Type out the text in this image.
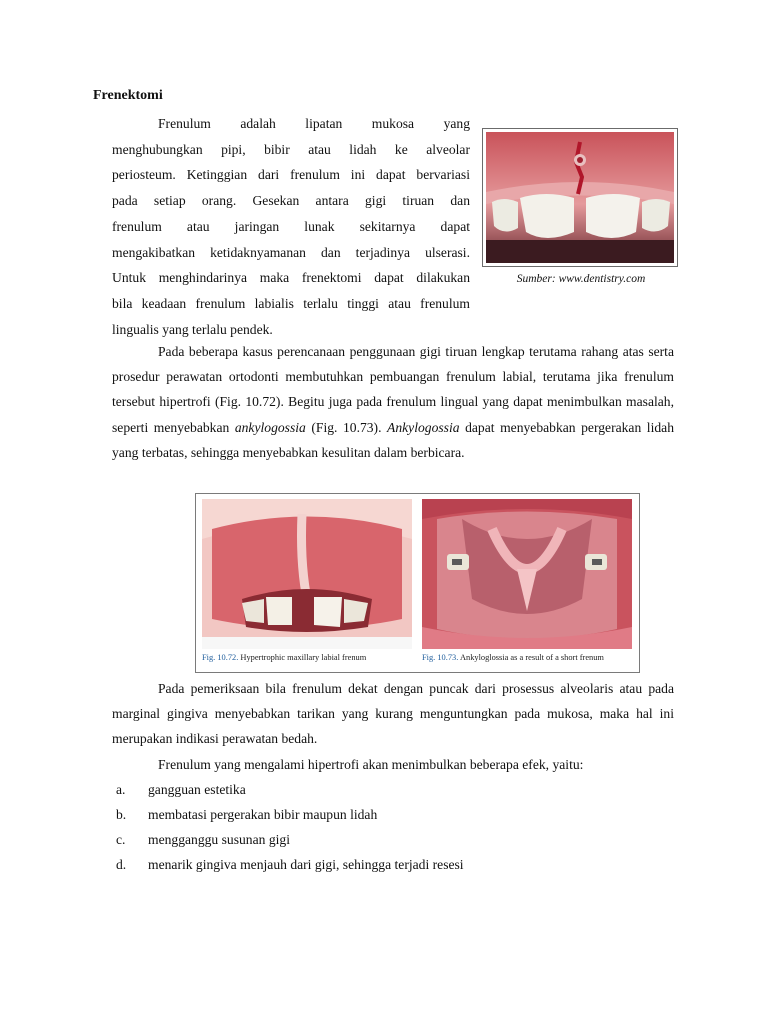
Frenektomi
Frenulum adalah lipatan mukosa yang
menghubungkan pipi, bibir atau lidah ke alveolar
periosteum. Ketinggian dari frenulum ini dapat bervariasi
pada setiap orang. Gesekan antara gigi tiruan dan
frenulum atau jaringan lunak sekitarnya dapat
mengakibatkan ketidaknyamanan dan terjadinya ulserasi.
Untuk menghindarinya maka frenektomi dapat dilakukan
bila keadaan frenulum labialis terlalu tinggi atau frenulum
lingualis yang terlalu pendek.
Sumber: www.dentistry.com

Pada beberapa kasus perencanaan penggunaan gigi tiruan lengkap terutama rahang atas serta prosedur perawatan ortodonti membutuhkan pembuangan frenulum labial, terutama jika frenulum tersebut hipertrofi (Fig. 10.72). Begitu juga pada frenulum lingual yang dapat menimbulkan masalah, seperti menyebabkan ankylogossia (Fig. 10.73). Ankylogossia dapat menyebabkan pergerakan lidah yang terbatas, sehingga menyebabkan kesulitan dalam berbicara.

Fig. 10.72. Hypertrophic maxillary labial frenum	Fig. 10.73. Ankyloglossia as a result of a short frenum

Pada pemeriksaan bila frenulum dekat dengan puncak dari prosessus alveolaris atau pada marginal gingiva menyebabkan tarikan yang kurang menguntungkan pada mukosa, maka hal ini merupakan indikasi perawatan bedah.

Frenulum yang mengalami hipertrofi akan menimbulkan beberapa efek, yaitu:

a. gangguan estetika
b. membatasi pergerakan bibir maupun lidah
c. mengganggu susunan gigi
d. menarik gingiva menjauh dari gigi, sehingga terjadi resesi
